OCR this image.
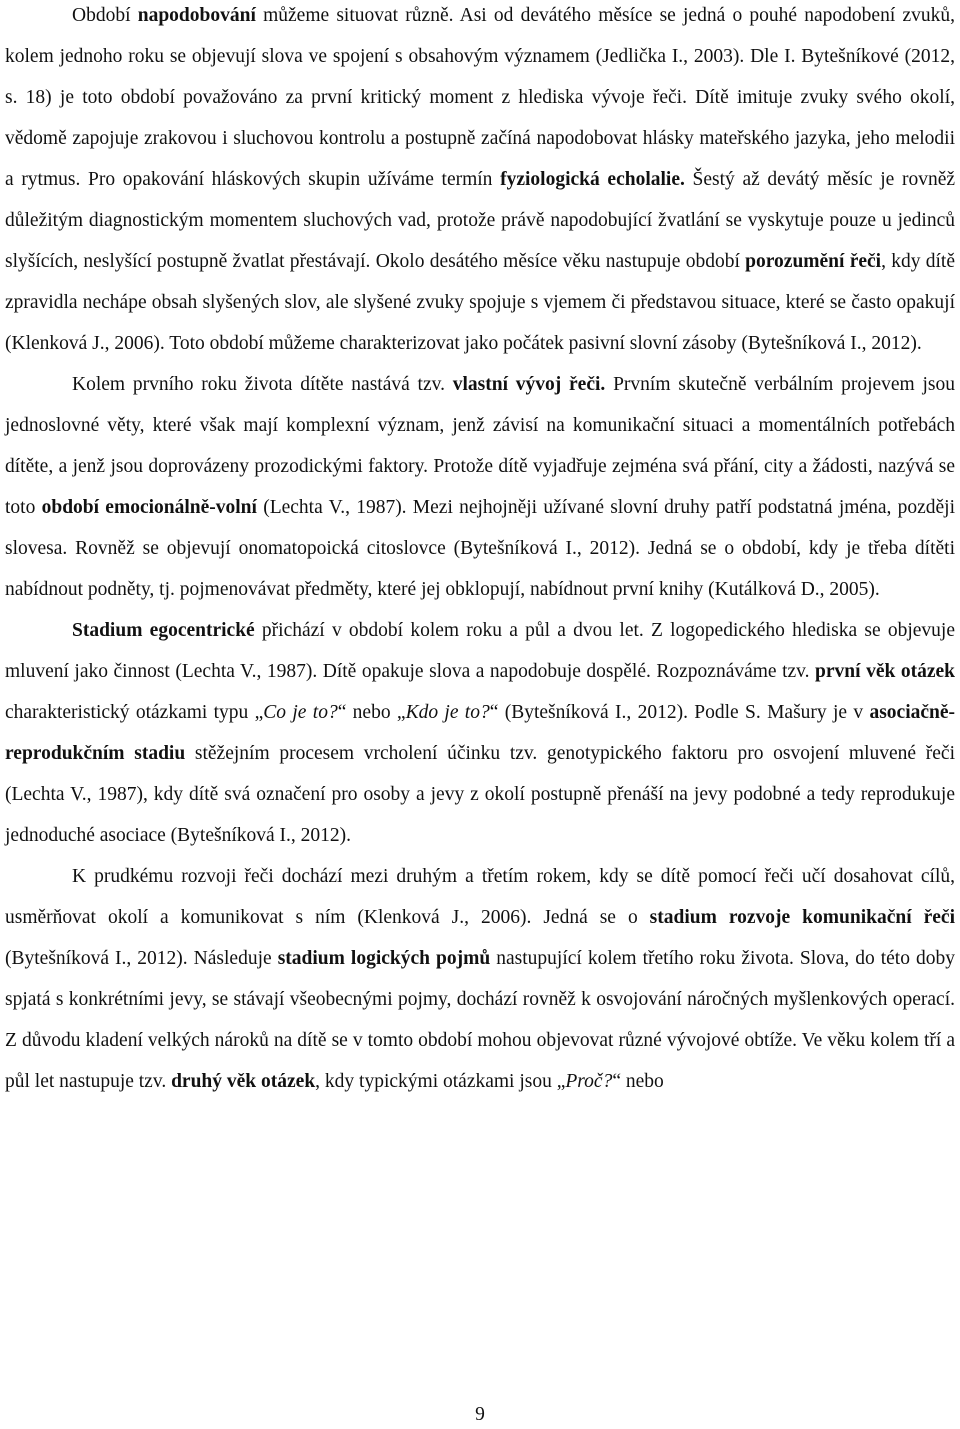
Období napodobování můžeme situovat různě. Asi od devátého měsíce se jedná o pouhé napodobení zvuků, kolem jednoho roku se objevují slova ve spojení s obsahovým významem (Jedlička I., 2003). Dle I. Bytešníkové (2012, s. 18) je toto období považováno za první kritický moment z hlediska vývoje řeči. Dítě imituje zvuky svého okolí, vědomě zapojuje zrakovou i sluchovou kontrolu a postupně začíná napodobovat hlásky mateřského jazyka, jeho melodii a rytmus. Pro opakování hláskových skupin užíváme termín fyziologická echolalie. Šestý až devátý měsíc je rovněž důležitým diagnostickým momentem sluchových vad, protože právě napodobující žvatlání se vyskytuje pouze u jedinců slyšících, neslyšící postupně žvatlat přestávají. Okolo desátého měsíce věku nastupuje období porozumění řeči, kdy dítě zpravidla nechápe obsah slyšených slov, ale slyšené zvuky spojuje s vjemem či představou situace, které se často opakují (Klenková J., 2006). Toto období můžeme charakterizovat jako počátek pasivní slovní zásoby (Bytešníková I., 2012).

Kolem prvního roku života dítěte nastává tzv. vlastní vývoj řeči. Prvním skutečně verbálním projevem jsou jednoslovné věty, které však mají komplexní význam, jenž závisí na komunikační situaci a momentálních potřebách dítěte, a jenž jsou doprovázeny prozodickými faktory. Protože dítě vyjadřuje zejména svá přání, city a žádosti, nazývá se toto období emocionálně-volní (Lechta V., 1987). Mezi nejhojněji užívané slovní druhy patří podstatná jména, později slovesa. Rovněž se objevují onomatopoická citoslovce (Bytešníková I., 2012). Jedná se o období, kdy je třeba dítěti nabídnout podněty, tj. pojmenovávat předměty, které jej obklopují, nabídnout první knihy (Kutálková D., 2005).

Stadium egocentrické přichází v období kolem roku a půl a dvou let. Z logopedického hlediska se objevuje mluvení jako činnost (Lechta V., 1987). Dítě opakuje slova a napodobuje dospělé. Rozpoznáváme tzv. první věk otázek charakteristický otázkami typu „Co je to?“ nebo „Kdo je to?“ (Bytešníková I., 2012). Podle S. Mašury je v asociačně-reprodukčním stadiu stěžejním procesem vrcholení účinku tzv. genotypického faktoru pro osvojení mluvené řeči (Lechta V., 1987), kdy dítě svá označení pro osoby a jevy z okolí postupně přenáší na jevy podobné a tedy reprodukuje jednoduché asociace (Bytešníková I., 2012).

K prudkému rozvoji řeči dochází mezi druhým a třetím rokem, kdy se dítě pomocí řeči učí dosahovat cílů, usměrňovat okolí a komunikovat s ním (Klenková J., 2006). Jedná se o stadium rozvoje komunikační řeči (Bytešníková I., 2012). Následuje stadium logických pojmů nastupující kolem třetího roku života. Slova, do této doby spjatá s konkrétními jevy, se stávají všeobecnými pojmy, dochází rovněž k osvojování náročných myšlenkových operací. Z důvodu kladení velkých nároků na dítě se v tomto období mohou objevovat různé vývojové obtíže. Ve věku kolem tří a půl let nastupuje tzv. druhý věk otázek, kdy typickými otázkami jsou „Proč?“ nebo

9
